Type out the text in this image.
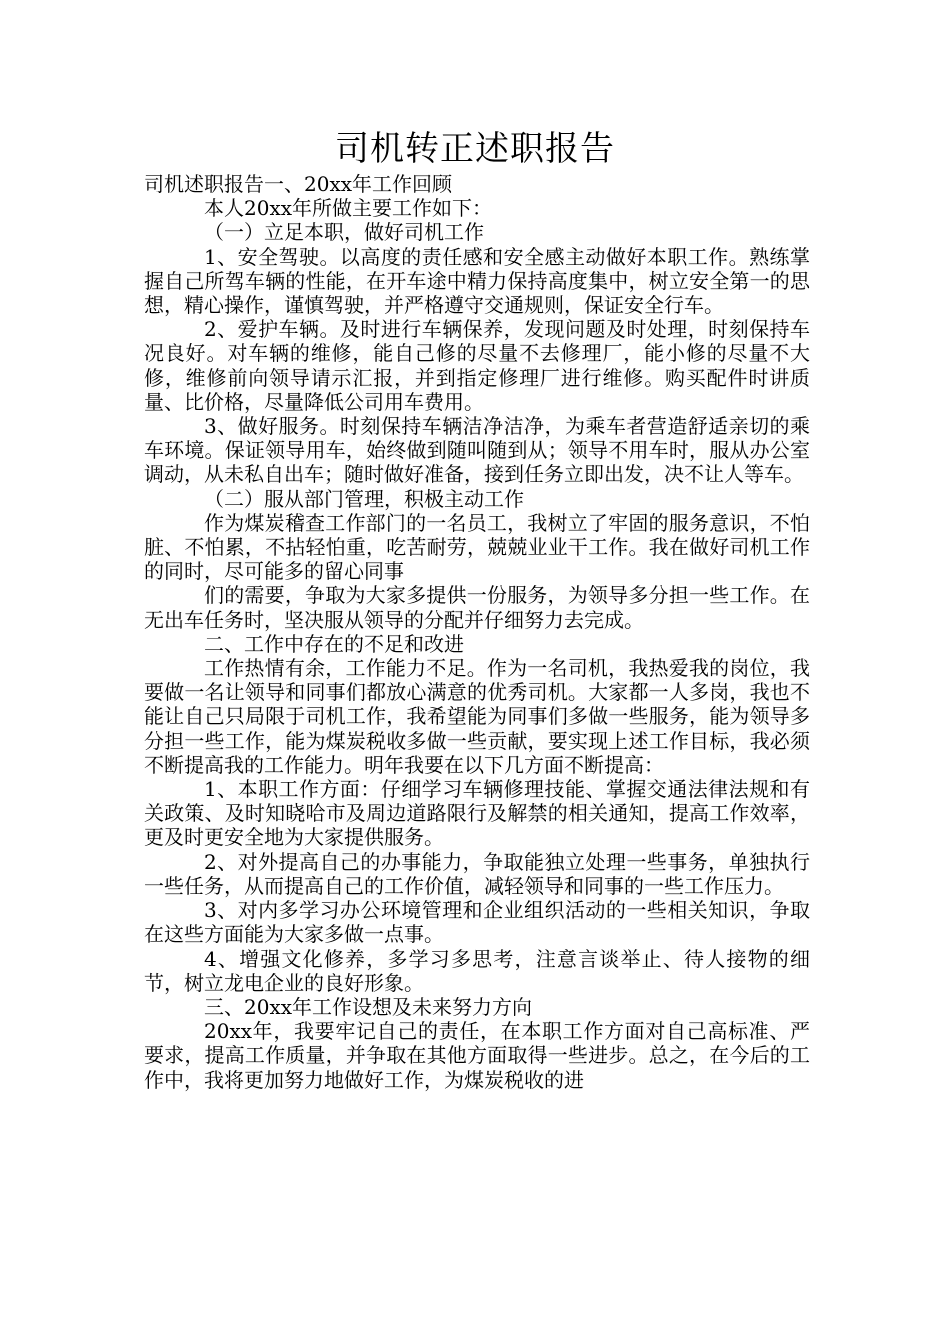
司机转正述职报告

司机述职报告一、20xx年工作回顾

本人20xx年所做主要工作如下：

（一）立足本职，做好司机工作

1、安全驾驶。以高度的责任感和安全感主动做好本职工作。熟练掌握自己所驾车辆的性能，在开车途中精力保持高度集中，树立安全第一的思想，精心操作，谨慎驾驶，并严格遵守交通规则，保证安全行车。

2、爱护车辆。及时进行车辆保养，发现问题及时处理，时刻保持车况良好。对车辆的维修，能自己修的尽量不去修理厂，能小修的尽量不大修，维修前向领导请示汇报，并到指定修理厂进行维修。购买配件时讲质量、比价格，尽量降低公司用车费用。

3、做好服务。时刻保持车辆洁净洁净，为乘车者营造舒适亲切的乘车环境。保证领导用车，始终做到随叫随到从；领导不用车时，服从办公室调动，从未私自出车；随时做好准备，接到任务立即出发，决不让人等车。

（二）服从部门管理，积极主动工作

作为煤炭稽查工作部门的一名员工，我树立了牢固的服务意识，不怕脏、不怕累，不拈轻怕重，吃苦耐劳，兢兢业业干工作。我在做好司机工作的同时，尽可能多的留心同事

们的需要，争取为大家多提供一份服务，为领导多分担一些工作。在无出车任务时，坚决服从领导的分配并仔细努力去完成。

二、工作中存在的不足和改进

工作热情有余，工作能力不足。作为一名司机，我热爱我的岗位，我要做一名让领导和同事们都放心满意的优秀司机。大家都一人多岗，我也不能让自己只局限于司机工作，我希望能为同事们多做一些服务，能为领导多分担一些工作，能为煤炭税收多做一些贡献，要实现上述工作目标，我必须不断提高我的工作能力。明年我要在以下几方面不断提高：

1、本职工作方面：仔细学习车辆修理技能、掌握交通法律法规和有关政策、及时知晓哈市及周边道路限行及解禁的相关通知，提高工作效率，更及时更安全地为大家提供服务。

2、对外提高自己的办事能力，争取能独立处理一些事务，单独执行一些任务，从而提高自己的工作价值，减轻领导和同事的一些工作压力。

3、对内多学习办公环境管理和企业组织活动的一些相关知识，争取在这些方面能为大家多做一点事。

4、增强文化修养，多学习多思考，注意言谈举止、待人接物的细节，树立龙电企业的良好形象。

三、20xx年工作设想及未来努力方向

20xx年，我要牢记自己的责任，在本职工作方面对自己高标准、严要求，提高工作质量，并争取在其他方面取得一些进步。总之，在今后的工作中，我将更加努力地做好工作，为煤炭税收的进
